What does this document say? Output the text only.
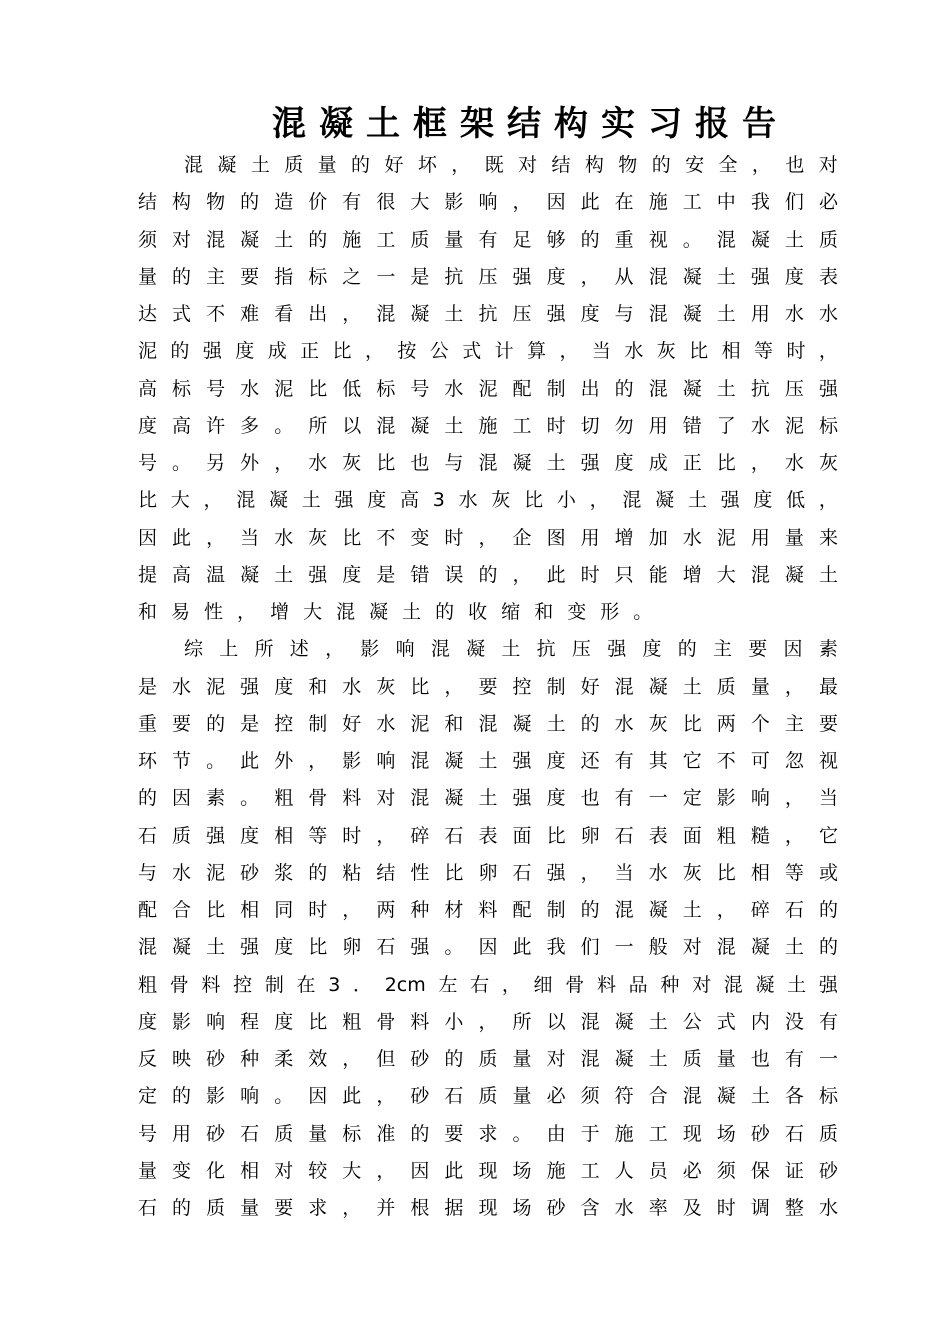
混凝土框架结构实习报告
混 凝 土 质 量 的 好 坏 ， 既 对 结 构 物 的 安 全 ， 也 对
结 构 物 的 造 价 有 很 大 影 响 ， 因 此 在 施 工 中 我 们 必
须 对 混 凝 土 的 施 工 质 量 有 足 够 的 重 视 。 混 凝 土 质
量 的 主 要 指 标 之 一 是 抗 压 强 度 ， 从 混 凝 土 强 度 表
达 式 不 难 看 出 ， 混 凝 土 抗 压 强 度 与 混 凝 土 用 水 水
泥 的 强 度 成 正 比 ， 按 公 式 计 算 ， 当 水 灰 比 相 等 时 ，
高 标 号 水 泥 比 低 标 号 水 泥 配 制 出 的 混 凝 土 抗 压 强
度 高 许 多 。 所 以 混 凝 土 施 工 时 切 勿 用 错 了 水 泥 标
号 。 另 外 ， 水 灰 比 也 与 混 凝 土 强 度 成 正 比 ， 水 灰
比 大 ， 混 凝 土 强 度 高 3 水 灰 比 小 ， 混 凝 土 强 度 低 ，
因 此 ， 当 水 灰 比 不 变 时 ， 企 图 用 增 加 水 泥 用 量 来
提 高 温 凝 土 强 度 是 错 误 的 ， 此 时 只 能 增 大 混 凝 土
和 易 性 ， 增 大 混 凝 土 的 收 缩 和 变 形 。
综 上 所 述 ， 影 响 混 凝 土 抗 压 强 度 的 主 要 因 素
是 水 泥 强 度 和 水 灰 比 ， 要 控 制 好 混 凝 土 质 量 ， 最
重 要 的 是 控 制 好 水 泥 和 混 凝 土 的 水 灰 比 两 个 主 要
环 节 。 此 外 ， 影 响 混 凝 土 强 度 还 有 其 它 不 可 忽 视
的 因 素 。 粗 骨 料 对 混 凝 土 强 度 也 有 一 定 影 响 ， 当
石 质 强 度 相 等 时 ， 碎 石 表 面 比 卵 石 表 面 粗 糙 ， 它
与 水 泥 砂 浆 的 粘 结 性 比 卵 石 强 ， 当 水 灰 比 相 等 或
配 合 比 相 同 时 ， 两 种 材 料 配 制 的 混 凝 土 ， 碎 石 的
混 凝 土 强 度 比 卵 石 强 。 因 此 我 们 一 般 对 混 凝 土 的
粗 骨 料 控 制 在 3 ． 2cm 左 右 ， 细 骨 料 品 种 对 混 凝 土 强
度 影 响 程 度 比 粗 骨 料 小 ， 所 以 混 凝 土 公 式 内 没 有
反 映 砂 种 柔 效 ， 但 砂 的 质 量 对 混 凝 土 质 量 也 有 一
定 的 影 响 。 因 此 ， 砂 石 质 量 必 须 符 合 混 凝 土 各 标
号 用 砂 石 质 量 标 准 的 要 求 。 由 于 施 工 现 场 砂 石 质
量 变 化 相 对 较 大 ， 因 此 现 场 施 工 人 员 必 须 保 证 砂
石 的 质 量 要 求 ， 并 根 据 现 场 砂 含 水 率 及 时 调 整 水
